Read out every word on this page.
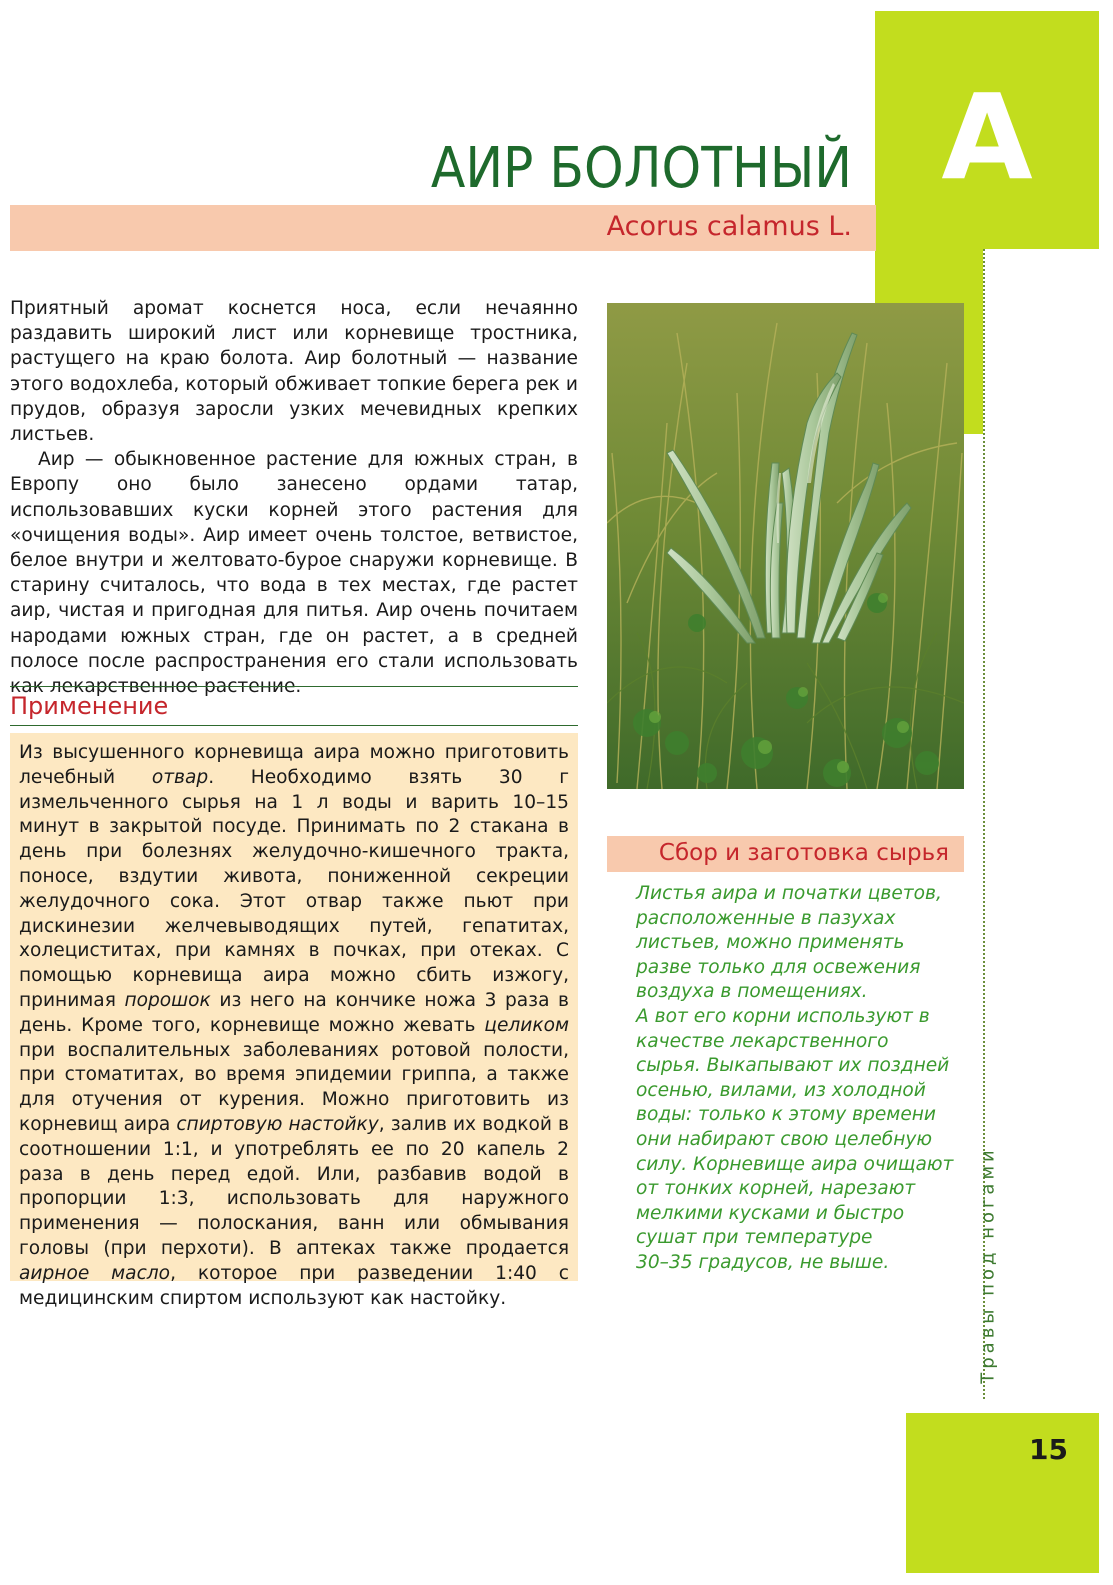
А
АИР БОЛОТНЫЙ
Acorus calamus L.
Травы под ногами

Приятный аромат коснется носа, если нечаянно раздавить широкий лист или корневище тростника, растущего на краю болота. Аир болотный — название этого водохлеба, который обживает топкие берега рек и прудов, образуя заросли узких мечевидных крепких листьев.

Аир — обыкновенное растение для южных стран, в Европу оно было занесено ордами татар, использовавших куски корней этого растения для «очищения воды». Аир имеет очень толстое, ветвистое, белое внутри и желтовато-бурое снаружи корневище. В старину считалось, что вода в тех местах, где растет аир, чистая и пригодная для питья. Аир очень почитаем народами южных стран, где он растет, а в средней полосе после распространения его стали использовать как лекарственное растение.

Применение

Из высушенного корневища аира можно приготовить лечебный отвар. Необходимо взять 30 г измельченного сырья на 1 л воды и варить 10–15 минут в закрытой посуде. Принимать по 2 стакана в день при болезнях желудочно-кишечного тракта, поносе, вздутии живота, пониженной секреции желудочного сока. Этот отвар также пьют при дискинезии желчевыводящих путей, гепатитах, холециститах, при камнях в почках, при отеках. С помощью корневища аира можно сбить изжогу, принимая порошок из него на кончике ножа 3 раза в день. Кроме того, корневище можно жевать целиком при воспалительных заболеваниях ротовой полости, при стоматитах, во время эпидемии гриппа, а также для отучения от курения. Можно приготовить из корневищ аира спиртовую настойку, залив их водкой в соотношении 1:1, и употреблять ее по 20 капель 2 раза в день перед едой. Или, разбавив водой в пропорции 1:3, использовать для наружного применения — полоскания, ванн или обмывания головы (при перхоти). В аптеках также продается аирное масло, которое при разведении 1:40 с медицинским спиртом используют как настойку.

Сбор и заготовка сырья

Листья аира и початки цветов, расположенные в пазухах листьев, можно применять разве только для освежения воздуха в помещениях.
А вот его корни используют в качестве лекарственного сырья. Выкапывают их поздней осенью, вилами, из холодной воды: только к этому времени они набирают свою целебную силу. Корневище аира очищают от тонких корней, нарезают мелкими кусками и быстро сушат при температуре
30–35 градусов, не выше.

15
